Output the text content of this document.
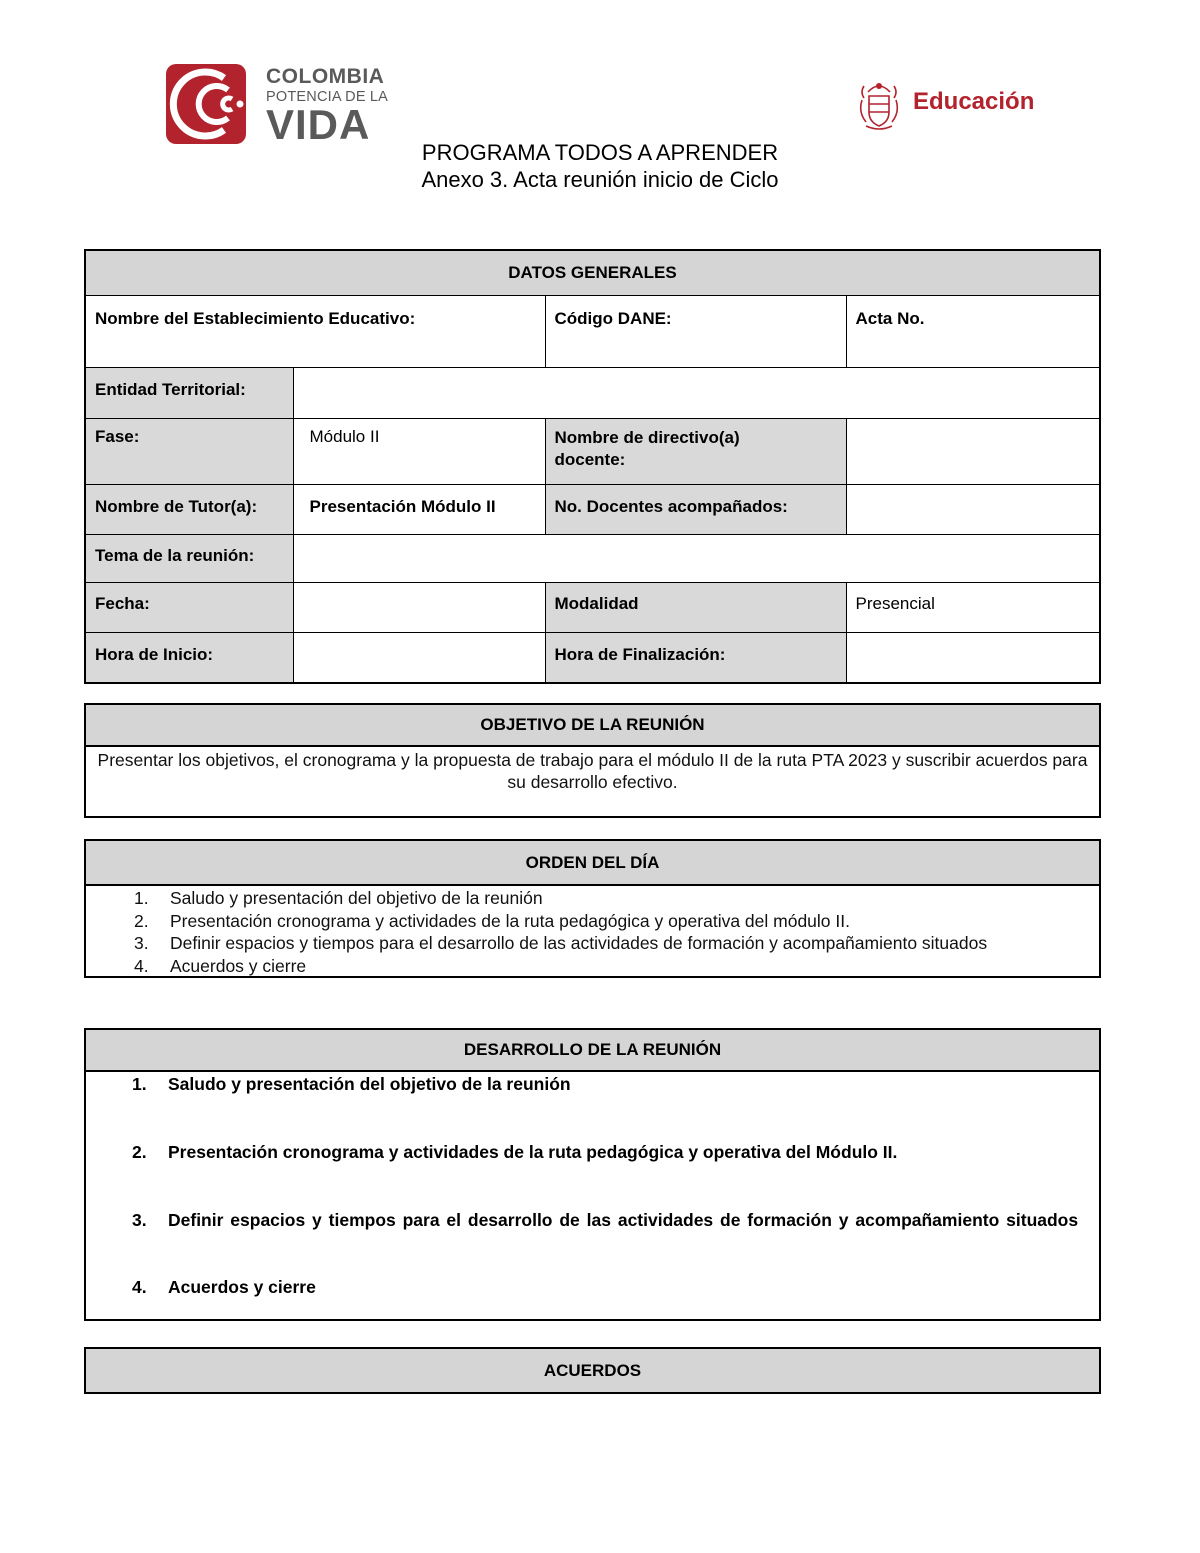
COLOMBIA
POTENCIA DE LA
VIDA	Educación
PROGRAMA TODOS A APRENDER
Anexo 3. Acta reunión inicio de Ciclo
DATOS GENERALES			
Nombre del Establecimiento Educativo:		Código DANE:	Acta No.
Entidad Territorial:			
Fase:	Módulo II	Nombre de directivo(a) docente:	
Nombre de Tutor(a):	Presentación Módulo II	No. Docentes acompañados:	
Tema de la reunión:			
Fecha:		Modalidad	Presencial
Hora de Inicio:		Hora de Finalización:	
OBJETIVO DE LA REUNIÓN
Presentar los objetivos, el cronograma y la propuesta de trabajo para el módulo II de la ruta PTA 2023 y suscribir acuerdos para su desarrollo efectivo.
ORDEN DEL DÍA
1. Saludo y presentación del objetivo de la reunión
2. Presentación cronograma y actividades de la ruta pedagógica y operativa del módulo II.
3. Definir espacios y tiempos para el desarrollo de las actividades de formación y acompañamiento situados
4. Acuerdos y cierre
DESARROLLO DE LA REUNIÓN
1. Saludo y presentación del objetivo de la reunión
2. Presentación cronograma y actividades de la ruta pedagógica y operativa del Módulo II.
3. Definir espacios y tiempos para el desarrollo de las actividades de formación y acompañamiento situados
4. Acuerdos y cierre
ACUERDOS
